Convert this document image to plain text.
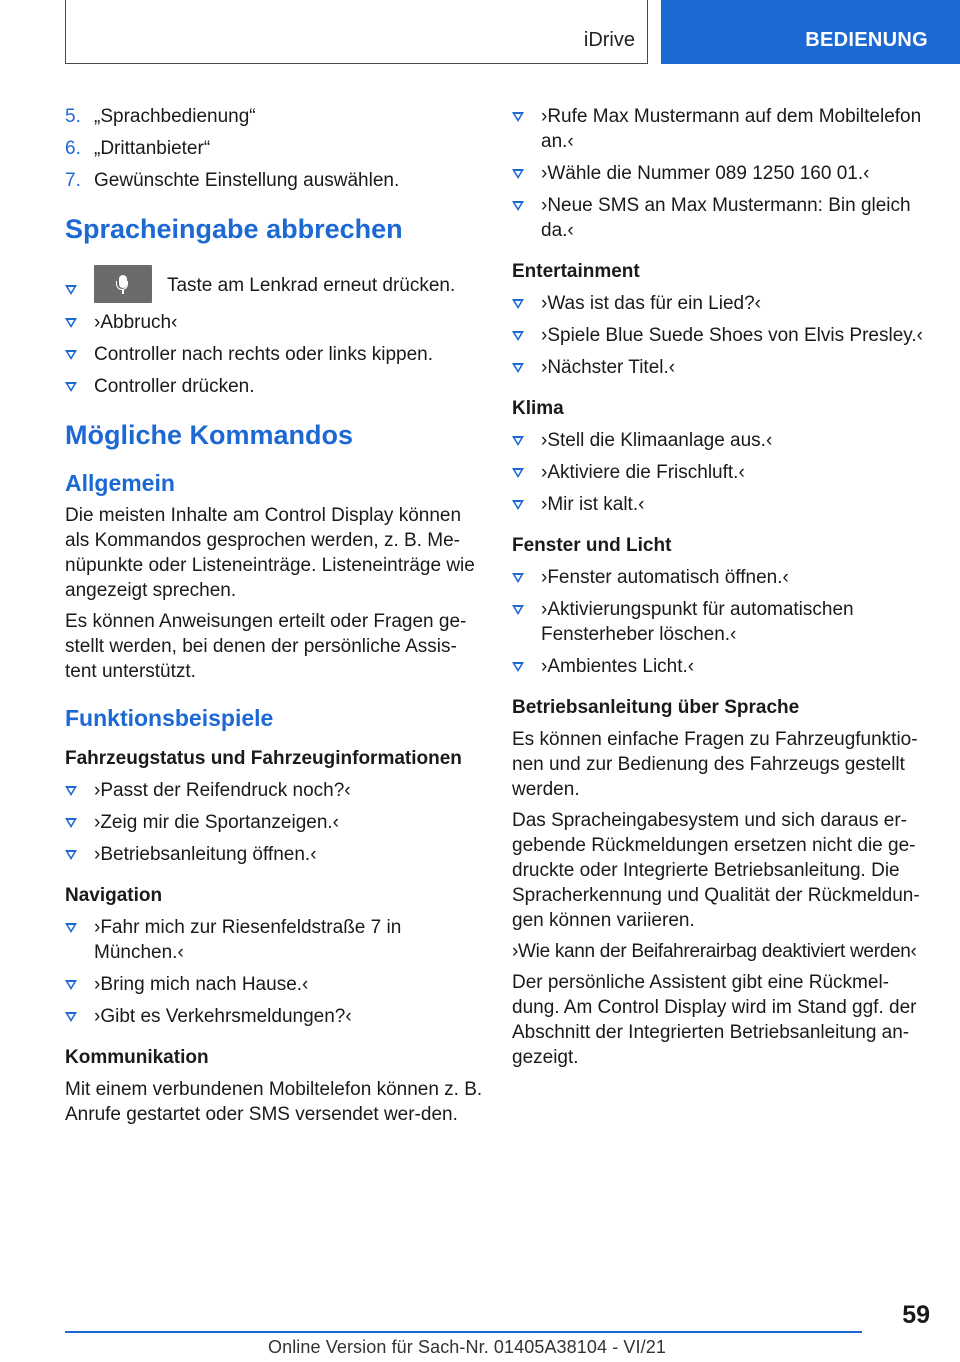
iDrive	BEDIENUNG
5. „Sprachbedienung“
6. „Drittanbieter“
7. Gewünschte Einstellung auswählen.
Spracheingabe abbrechen
Taste am Lenkrad erneut drücken.
›Abbruch‹
Controller nach rechts oder links kippen.
Controller drücken.
Mögliche Kommandos
Allgemein

Die meisten Inhalte am Control Display können als Kommandos gesprochen werden, z. B. Me-nüpunkte oder Listeneinträge. Listeneinträge wie angezeigt sprechen.

Es können Anweisungen erteilt oder Fragen ge-stellt werden, bei denen der persönliche Assis-tent unterstützt.

Funktionsbeispiele
Fahrzeugstatus und Fahrzeuginformationen
›Passt der Reifendruck noch?‹
›Zeig mir die Sportanzeigen.‹
›Betriebsanleitung öffnen.‹
Navigation
›Fahr mich zur Riesenfeldstraße 7 in München.‹
›Bring mich nach Hause.‹
›Gibt es Verkehrsmeldungen?‹
Kommunikation

Mit einem verbundenen Mobiltelefon können z. B. Anrufe gestartet oder SMS versendet wer-den.

›Rufe Max Mustermann auf dem Mobiltelefon an.‹
›Wähle die Nummer 089 1250 160 01.‹
›Neue SMS an Max Mustermann: Bin gleich da.‹
Entertainment
›Was ist das für ein Lied?‹
›Spiele Blue Suede Shoes von Elvis Presley.‹
›Nächster Titel.‹
Klima
›Stell die Klimaanlage aus.‹
›Aktiviere die Frischluft.‹
›Mir ist kalt.‹
Fenster und Licht
›Fenster automatisch öffnen.‹
›Aktivierungspunkt für automatischen Fensterheber löschen.‹
›Ambientes Licht.‹
Betriebsanleitung über Sprache

Es können einfache Fragen zu Fahrzeugfunktio-nen und zur Bedienung des Fahrzeugs gestellt werden.

Das Spracheingabesystem und sich daraus er-gebende Rückmeldungen ersetzen nicht die ge-druckte oder Integrierte Betriebsanleitung. Die Spracherkennung und Qualität der Rückmeldun-gen können variieren.

›Wie kann der Beifahrerairbag deaktiviert werden‹

Der persönliche Assistent gibt eine Rückmel-dung. Am Control Display wird im Stand ggf. der Abschnitt der Integrierten Betriebsanleitung an-gezeigt.

59
Online Version für Sach-Nr. 01405A38104 - VI/21
